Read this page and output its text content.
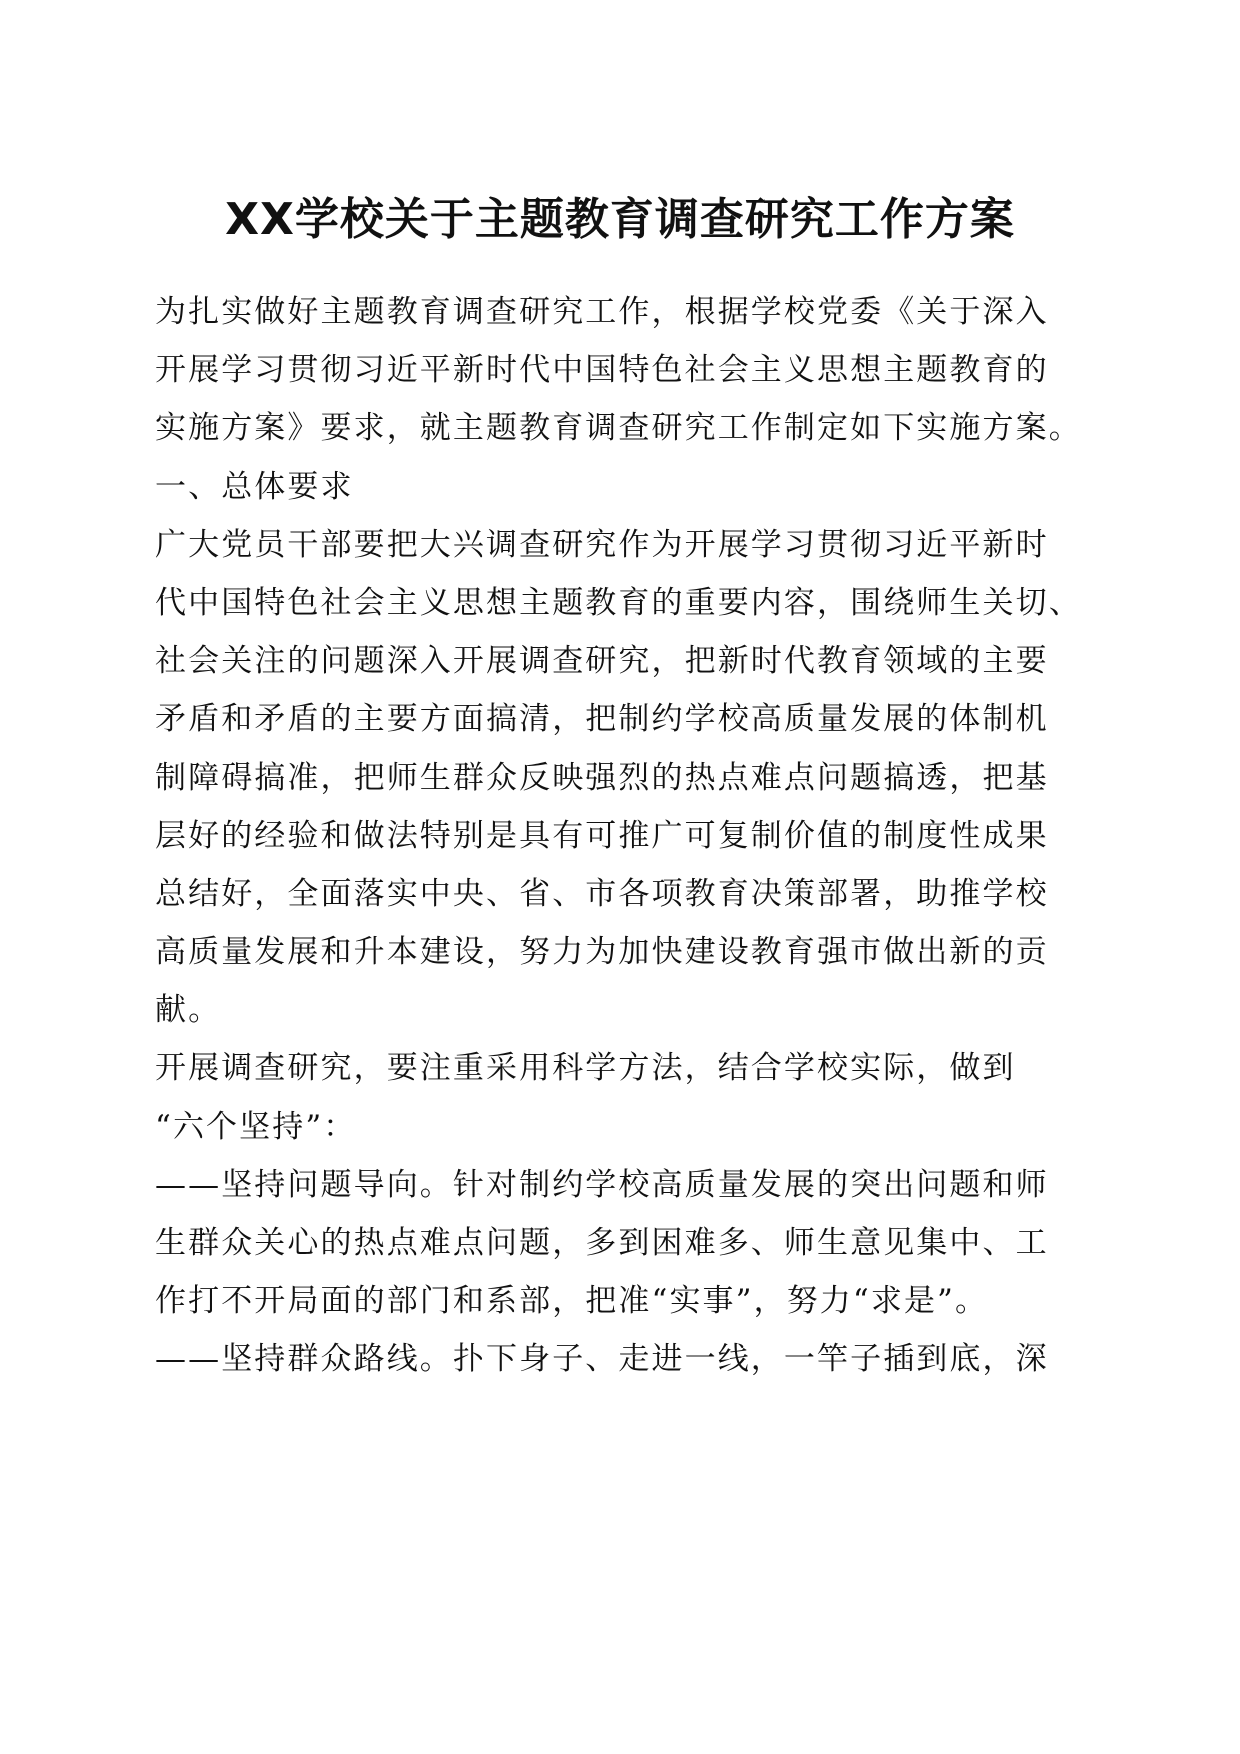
XX学校关于主题教育调查研究工作方案
为扎实做好主题教育调查研究工作，根据学校党委《关于深入
开展学习贯彻习近平新时代中国特色社会主义思想主题教育的
实施方案》要求，就主题教育调查研究工作制定如下实施方案。
一、总体要求
广大党员干部要把大兴调查研究作为开展学习贯彻习近平新时
代中国特色社会主义思想主题教育的重要内容，围绕师生关切、
社会关注的问题深入开展调查研究，把新时代教育领域的主要
矛盾和矛盾的主要方面搞清，把制约学校高质量发展的体制机
制障碍搞准，把师生群众反映强烈的热点难点问题搞透，把基
层好的经验和做法特别是具有可推广可复制价值的制度性成果
总结好，全面落实中央、省、市各项教育决策部署，助推学校
高质量发展和升本建设，努力为加快建设教育强市做出新的贡
献。
开展调查研究，要注重采用科学方法，结合学校实际，做到
“六个坚持”：
——坚持问题导向。针对制约学校高质量发展的突出问题和师
生群众关心的热点难点问题，多到困难多、师生意见集中、工
作打不开局面的部门和系部，把准“实事”，努力“求是”。
——坚持群众路线。扑下身子、走进一线，一竿子插到底，深
